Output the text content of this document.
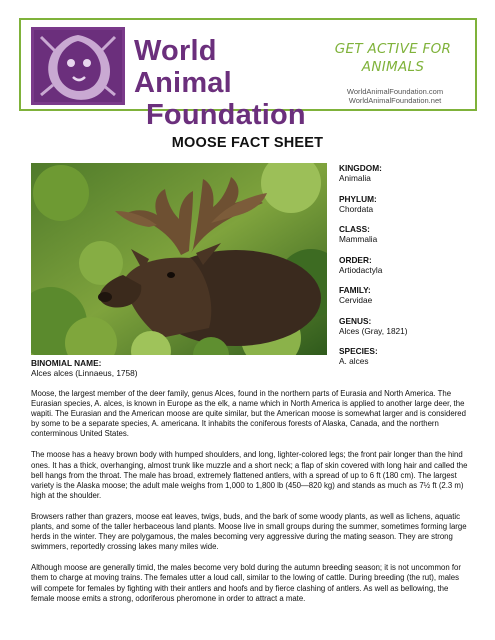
World Animal
Foundation
GET ACTIVE FOR
ANIMALS
WorldAnimalFoundation.com
WorldAnimalFoundation.net
MOOSE FACT SHEET
KINGDOM:
Animalia
PHYLUM:
Chordata
CLASS:
Mammalia
ORDER:
Artiodactyla
FAMILY:
Cervidae
GENUS:
Alces (Gray, 1821)
SPECIES:
A. alces
BINOMIAL NAME:
Alces alces (Linnaeus, 1758)

Moose, the largest member of the deer family, genus Alces, found in the northern parts of Eurasia and North America. The Eurasian species, A. alces, is known in Europe as the elk, a name which in North America is applied to another large deer, the wapiti. The Eurasian and the American moose are quite similar, but the American moose is somewhat larger and is considered by some to be a separate species, A. americana. It inhabits the coniferous forests of Alaska, Canada, and the northern conterminous United States.

The moose has a heavy brown body with humped shoulders, and long, lighter-colored legs; the front pair longer than the hind ones. It has a thick, overhanging, almost trunk like muzzle and a short neck; a flap of skin covered with long hair and called the bell hangs from the throat. The male has broad, extremely flattened antlers, with a spread of up to 6 ft (180 cm). The largest variety is the Alaska moose; the adult male weighs from 1,000 to 1,800 lb (450—820 kg) and stands as much as 7½ ft (2.3 m) high at the shoulder.

Browsers rather than grazers, moose eat leaves, twigs, buds, and the bark of some woody plants, as well as lichens, aquatic plants, and some of the taller herbaceous land plants. Moose live in small groups during the summer, sometimes forming large herds in the winter. They are polygamous, the males becoming very aggressive during the mating season. They are strong swimmers, reportedly crossing lakes many miles wide.

Although moose are generally timid, the males become very bold during the autumn breeding season; it is not uncommon for them to charge at moving trains. The females utter a loud call, similar to the lowing of cattle. During breeding (the rut), males will compete for females by fighting with their antlers and hoofs and by fierce clashing of antlers. As well as bellowing, the female moose emits a strong, odoriferous pheromone in order to attract a mate.
